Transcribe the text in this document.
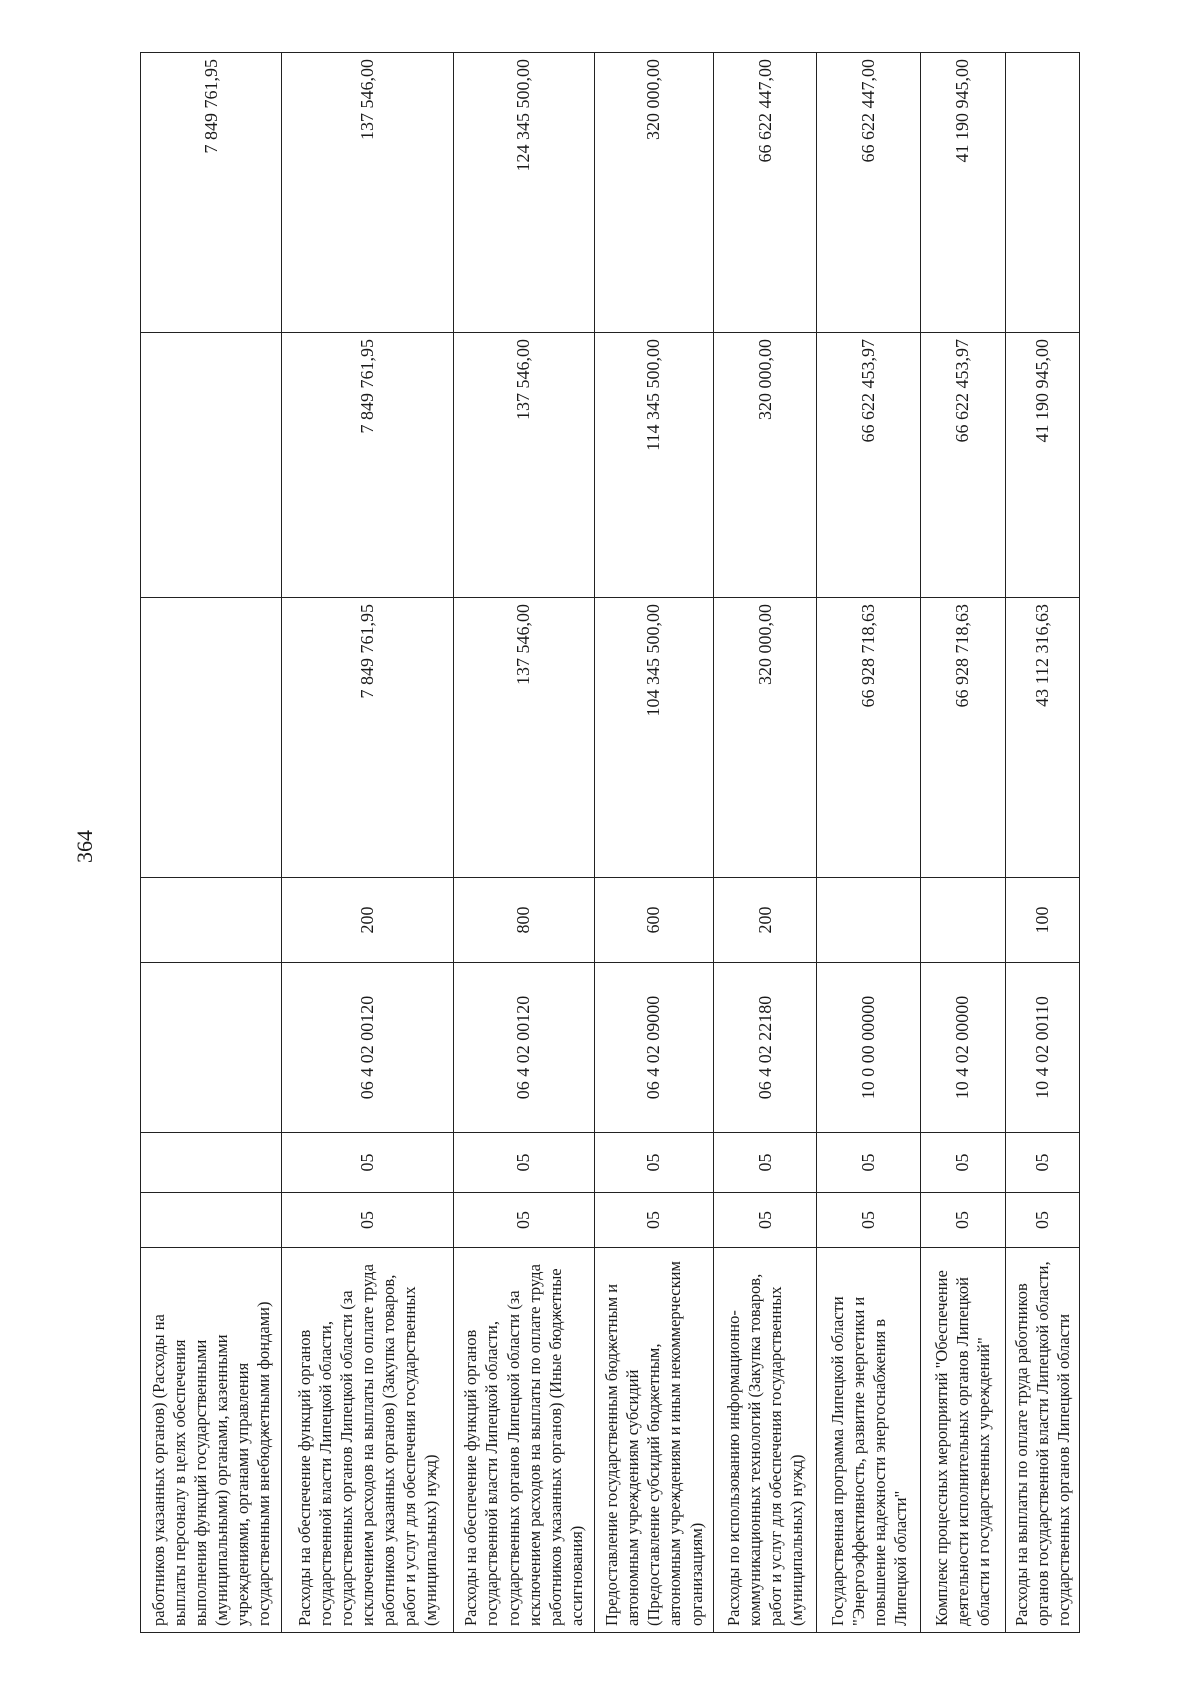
364
работников указанных органов) (Расходы на выплаты персоналу в целях обеспечения выполнения функций государственными (муниципальными) органами, казенными учреждениями, органами управления государственными внебюджетными фондами)							7 849 761,95
Расходы на обеспечение функций органов государственной власти Липецкой области, государственных органов Липецкой области (за исключением расходов на выплаты по оплате труда работников указанных органов) (Закупка товаров, работ и услуг для обеспечения государственных (муниципальных) нужд)	05	05	06 4 02 00120	200	7 849 761,95	7 849 761,95	137 546,00
Расходы на обеспечение функций органов государственной власти Липецкой области, государственных органов Липецкой области (за исключением расходов на выплаты по оплате труда работников указанных органов) (Иные бюджетные ассигнования)	05	05	06 4 02 00120	800	137 546,00	137 546,00	124 345 500,00
Предоставление государственным бюджетным и автономным учреждениям субсидий (Предоставление субсидий бюджетным, автономным учреждениям и иным некоммерческим организациям)	05	05	06 4 02 09000	600	104 345 500,00	114 345 500,00	320 000,00
Расходы по использованию информационно-коммуникационных технологий (Закупка товаров, работ и услуг для обеспечения государственных (муниципальных) нужд)	05	05	06 4 02 22180	200	320 000,00	320 000,00	66 622 447,00
Государственная программа Липецкой области "Энергоэффективность, развитие энергетики и повышение надежности энергоснабжения в Липецкой области"	05	05	10 0 00 00000		66 928 718,63	66 622 453,97	66 622 447,00
Комплекс процессных мероприятий "Обеспечение деятельности исполнительных органов Липецкой области и государственных учреждений"	05	05	10 4 02 00000		66 928 718,63	66 622 453,97	41 190 945,00
Расходы на выплаты по оплате труда работников органов государственной власти Липецкой области, государственных органов Липецкой области	05	05	10 4 02 00110	100	43 112 316,63	41 190 945,00	
